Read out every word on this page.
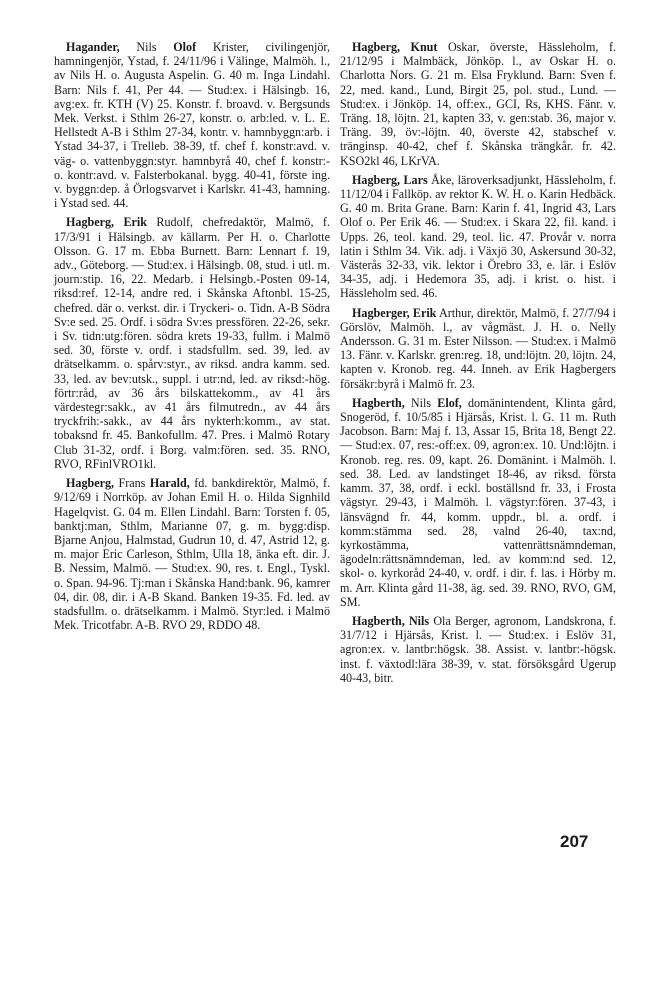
Hagander, Nils Olof Krister, civilingenjör, hamningenjör, Ystad, f. 24/11/96 i Välinge, Malmöh. l., av Nils H. o. Augusta Aspelin. G. 40 m. Inga Lindahl. Barn: Nils f. 41, Per 44. — Stud:ex. i Hälsingb. 16, avg:ex. fr. KTH (V) 25. Konstr. f. broavd. v. Bergsunds Mek. Verkst. i Sthlm 26-27, konstr. o. arb:led. v. L. E. Hellstedt A-B i Sthlm 27-34, kontr. v. hamnbyggn:arb. i Ystad 34-37, i Trelleb. 38-39, tf. chef f. konstr:avd. v. väg- o. vattenbyggn:styr. hamnbyrå 40, chef f. konstr:- o. kontr:avd. v. Falsterbokanal. bygg. 40-41, förste ing. v. byggn:dep. å Örlogsvarvet i Karlskr. 41-43, hamning. i Ystad sed. 44.

Hagberg, Erik Rudolf, chefredaktör, Malmö, f. 17/3/91 i Hälsingb. av källarm. Per H. o. Charlotte Olsson. G. 17 m. Ebba Burnett. Barn: Lennart f. 19, adv., Göteborg. — Stud:ex. i Hälsingb. 08, stud. i utl. m. journ:stip. 16, 22. Medarb. i Helsingb.-Posten 09-14, riksd:ref. 12-14, andre red. i Skånska Aftonbl. 15-25, chefred. där o. verkst. dir. i Tryckeri- o. Tidn. A-B Södra Sv:e sed. 25. Ordf. i södra Sv:es pressfören. 22-26, sekr. i Sv. tidn:utg:fören. södra krets 19-33, fullm. i Malmö sed. 30, förste v. ordf. i stadsfullm. sed. 39, led. av drätselkamm. o. spårv:styr., av riksd. andra kamm. sed. 33, led. av bev:utsk., suppl. i utr:nd, led. av riksd:-hög. förtr:råd, av 36 års bilskattekomm., av 41 års värdestegr:sakk., av 41 års filmutredn., av 44 års tryckfrih:-sakk., av 44 års nykterh:komm., av stat. tobaksnd fr. 45. Bankofullm. 47. Pres. i Malmö Rotary Club 31-32, ordf. i Borg. valm:fören. sed. 35. RNO, RVO, RFinlVRO1kl.

Hagberg, Frans Harald, fd. bankdirektör, Malmö, f. 9/12/69 i Norrköp. av Johan Emil H. o. Hilda Signhild Hagelqvist. G. 04 m. Ellen Lindahl. Barn: Torsten f. 05, banktj:man, Sthlm, Marianne 07, g. m. bygg:disp. Bjarne Anjou, Halmstad, Gudrun 10, d. 47, Astrid 12, g. m. major Eric Carleson, Sthlm, Ulla 18, änka eft. dir. J. B. Nessim, Malmö. — Stud:ex. 90, res. t. Engl., Tyskl. o. Span. 94-96. Tj:man i Skånska Hand:bank. 96, kamrer 04, dir. 08, dir. i A-B Skand. Banken 19-35. Fd. led. av stadsfullm. o. drätselkamm. i Malmö. Styr:led. i Malmö Mek. Tricotfabr. A-B. RVO 29, RDDO 48.

Hagberg, Knut Oskar, överste, Hässleholm, f. 21/12/95 i Malmbäck, Jönköp. l., av Oskar H. o. Charlotta Nors. G. 21 m. Elsa Fryklund. Barn: Sven f. 22, med. kand., Lund, Birgit 25, pol. stud., Lund. — Stud:ex. i Jönköp. 14, off:ex., GCI, Rs, KHS. Fänr. v. Träng. 18, löjtn. 21, kapten 33, v. gen:stab. 36, major v. Träng. 39, öv:-löjtn. 40, överste 42, stabschef v. tränginsp. 40-42, chef f. Skånska trängkår. fr. 42. KSO2kl 46, LKrVA.

Hagberg, Lars Åke, läroverksadjunkt, Hässleholm, f. 11/12/04 i Fallköp. av rektor K. W. H. o. Karin Hedbäck. G. 40 m. Brita Grane. Barn: Karin f. 41, Ingrid 43, Lars Olof o. Per Erik 46. — Stud:ex. i Skara 22, fil. kand. i Upps. 26, teol. kand. 29, teol. lic. 47. Provår v. norra latin i Sthlm 34. Vik. adj. i Växjö 30, Askersund 30-32, Västerås 32-33, vik. lektor i Örebro 33, e. lär. i Eslöv 34-35, adj. i Hedemora 35, adj. i krist. o. hist. i Hässleholm sed. 46.

Hagberger, Erik Arthur, direktör, Malmö, f. 27/7/94 i Görslöv, Malmöh. l., av vågmäst. J. H. o. Nelly Andersson. G. 31 m. Ester Nilsson. — Stud:ex. i Malmö 13. Fänr. v. Karlskr. gren:reg. 18, und:löjtn. 20, löjtn. 24, kapten v. Kronob. reg. 44. Inneh. av Erik Hagbergers försäkr:byrå i Malmö fr. 23.

Hagberth, Nils Elof, domänintendent, Klinta gård, Snogeröd, f. 10/5/85 i Hjärsås, Krist. l. G. 11 m. Ruth Jacobson. Barn: Maj f. 13, Assar 15, Brita 18, Bengt 22. — Stud:ex. 07, res:-off:ex. 09, agron:ex. 10. Und:löjtn. i Kronob. reg. res. 09, kapt. 26. Domänint. i Malmöh. l. sed. 38. Led. av landstinget 18-46, av riksd. första kamm. 37, 38, ordf. i eckl. boställsnd fr. 33, i Frosta vägstyr. 29-43, i Malmöh. l. vägstyr:fören. 37-43, i länsvägnd fr. 44, komm. uppdr., bl. a. ordf. i komm:stämma sed. 28, valnd 26-40, tax:nd, kyrkostämma, vattenrättsnämndeman, ägodeln:rättsnämndeman, led. av komm:nd sed. 12, skol- o. kyrkoråd 24-40, v. ordf. i dir. f. las. i Hörby m. m. Arr. Klinta gård 11-38, äg. sed. 39. RNO, RVO, GM, SM.

Hagberth, Nils Ola Berger, agronom, Landskrona, f. 31/7/12 i Hjärsås, Krist. l. — Stud:ex. i Eslöv 31, agron:ex. v. lantbr:högsk. 38. Assist. v. lantbr:-högsk. inst. f. växtodl:lära 38-39, v. stat. försöksgård Ugerup 40-43, bitr.

207
